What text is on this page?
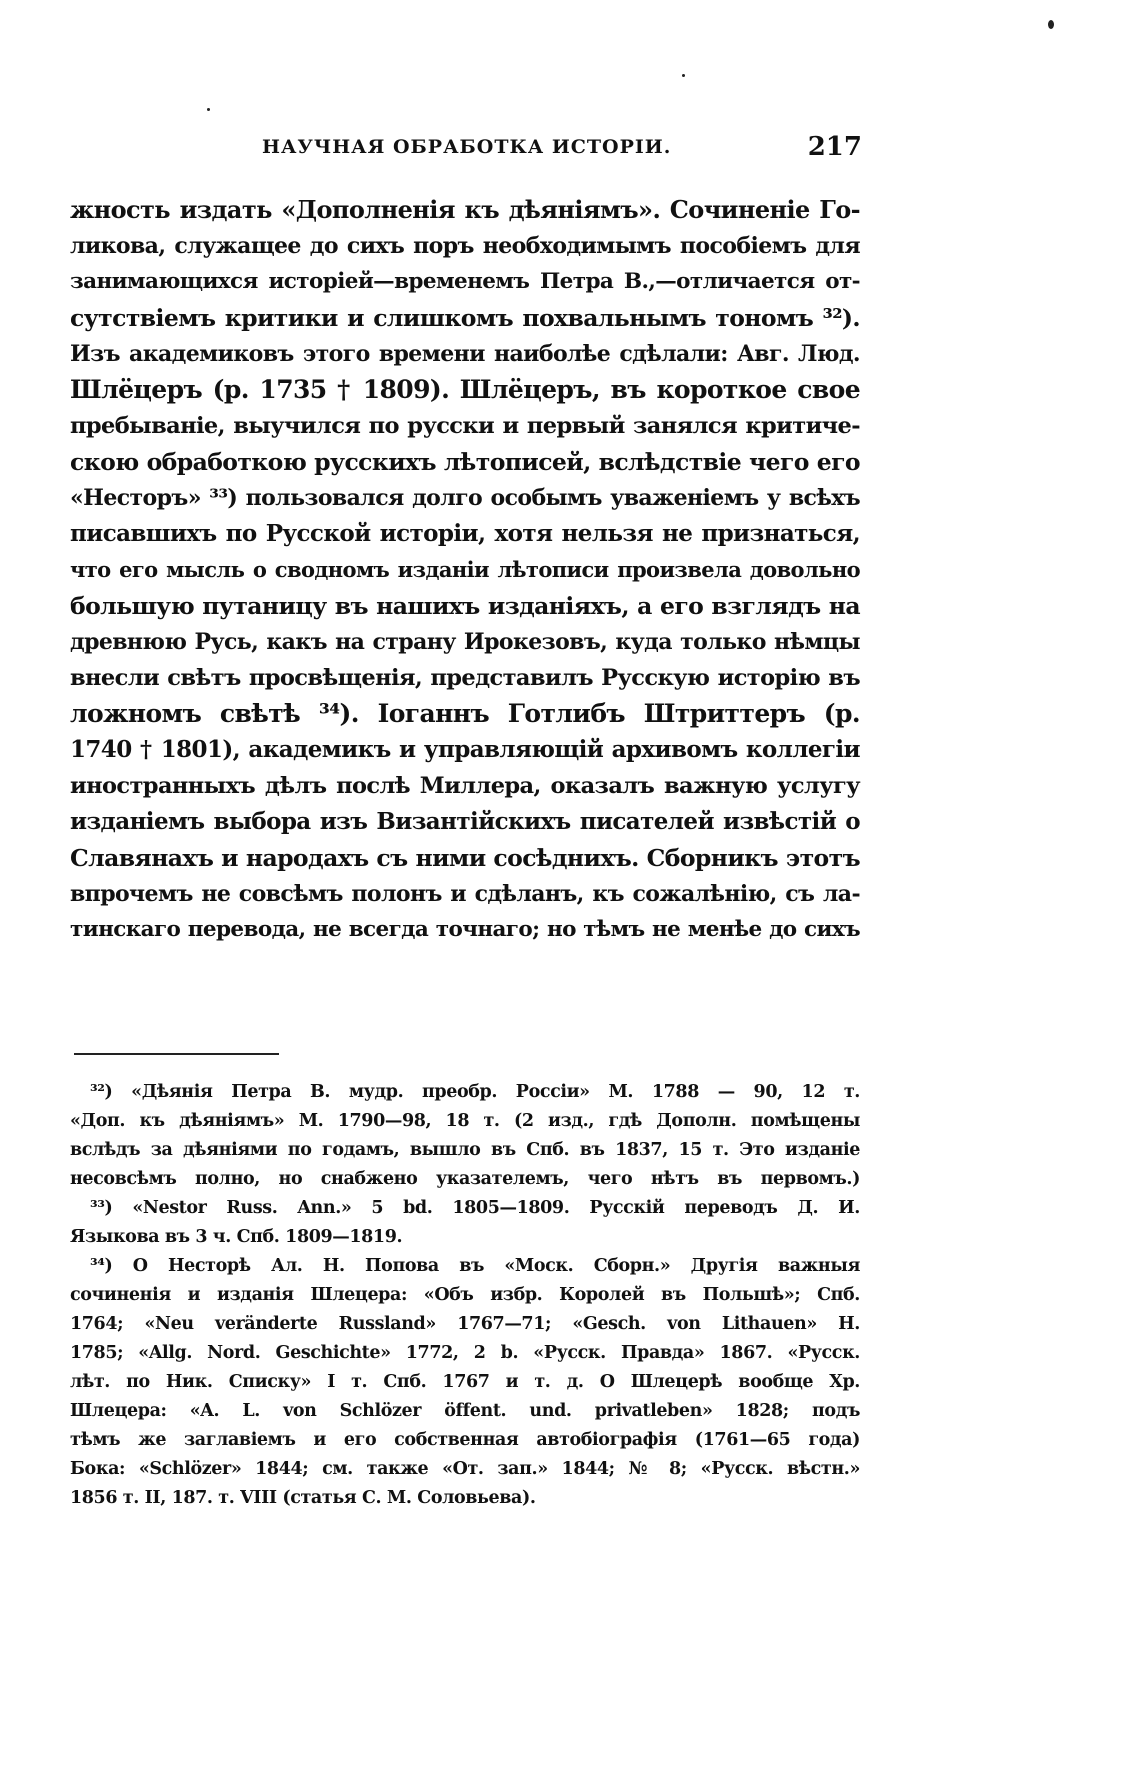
НАУЧНАЯ ОБРАБОТКА ИСТОРІИ.	217
жность издать «Дополненія къ дѣяніямъ». Сочиненіе Го-
ликова, служащее до сихъ поръ необходимымъ пособіемъ для
занимающихся исторіей—временемъ Петра В.,—отличается от-
сутствіемъ критики и слишкомъ похвальнымъ тономъ ³²).
Изъ академиковъ этого времени наиболѣе сдѣлали: Авг. Люд.
Шлёцеръ (р. 1735 † 1809). Шлёцеръ, въ короткое свое
пребываніе, выучился по русски и первый занялся критиче-
скою обработкою русскихъ лѣтописей, вслѣдствіе чего его
«Несторъ» ³³) пользовался долго особымъ уваженіемъ у всѣхъ
писавшихъ по Русской исторіи, хотя нельзя не признаться,
что его мысль о сводномъ изданіи лѣтописи произвела довольно
большую путаницу въ нашихъ изданіяхъ, а его взглядъ на
древнюю Русь, какъ на страну Ирокезовъ, куда только нѣмцы
внесли свѣтъ просвѣщенія, представилъ Русскую исторію въ
ложномъ свѣтѣ ³⁴). Іоганнъ Готлибъ Штриттеръ (р.
1740 † 1801), академикъ и управляющій архивомъ коллегіи
иностранныхъ дѣлъ послѣ Миллера, оказалъ важную услугу
изданіемъ выбора изъ Византійскихъ писателей извѣстій о
Славянахъ и народахъ съ ними сосѣднихъ. Сборникъ этотъ
впрочемъ не совсѣмъ полонъ и сдѣланъ, къ сожалѣнію, съ ла-
тинскаго перевода, не всегда точнаго; но тѣмъ не менѣе до сихъ
³²) «Дѣянія Петра В. мудр. преобр. Россіи» М. 1788 — 90, 12 т.
«Доп. къ дѣяніямъ» М. 1790—98, 18 т. (2 изд., гдѣ Дополн. помѣщены
вслѣдъ за дѣяніями по годамъ, вышло въ Спб. въ 1837, 15 т. Это изданіе
несовсѣмъ полно, но снабжено указателемъ, чего нѣтъ въ первомъ.)
³³) «Nestor Russ. Ann.» 5 bd. 1805—1809. Русскій переводъ Д. И.
Языкова въ 3 ч. Спб. 1809—1819.
³⁴) О Несторѣ Ал. Н. Попова въ «Моск. Сборн.» Другія важныя
сочиненія и изданія Шлецера: «Объ избр. Королей въ Польшѣ»; Спб.
1764; «Neu veränderte Russland» 1767—71; «Gesch. von Lithauen» Н.
1785; «Allg. Nord. Geschichte» 1772, 2 b. «Русск. Правда» 1867. «Русск.
лѣт. по Ник. Списку» I т. Спб. 1767 и т. д. О Шлецерѣ вообще Хр.
Шлецера: «A. L. von Schlözer öffent. und. privatleben» 1828; подъ
тѣмъ же заглавіемъ и его собственная автобіографія (1761—65 года)
Бока: «Schlözer» 1844; см. также «От. зап.» 1844; № 8; «Русск. вѣстн.»
1856 т. II, 187. т. VIII (статья С. М. Соловьева).
